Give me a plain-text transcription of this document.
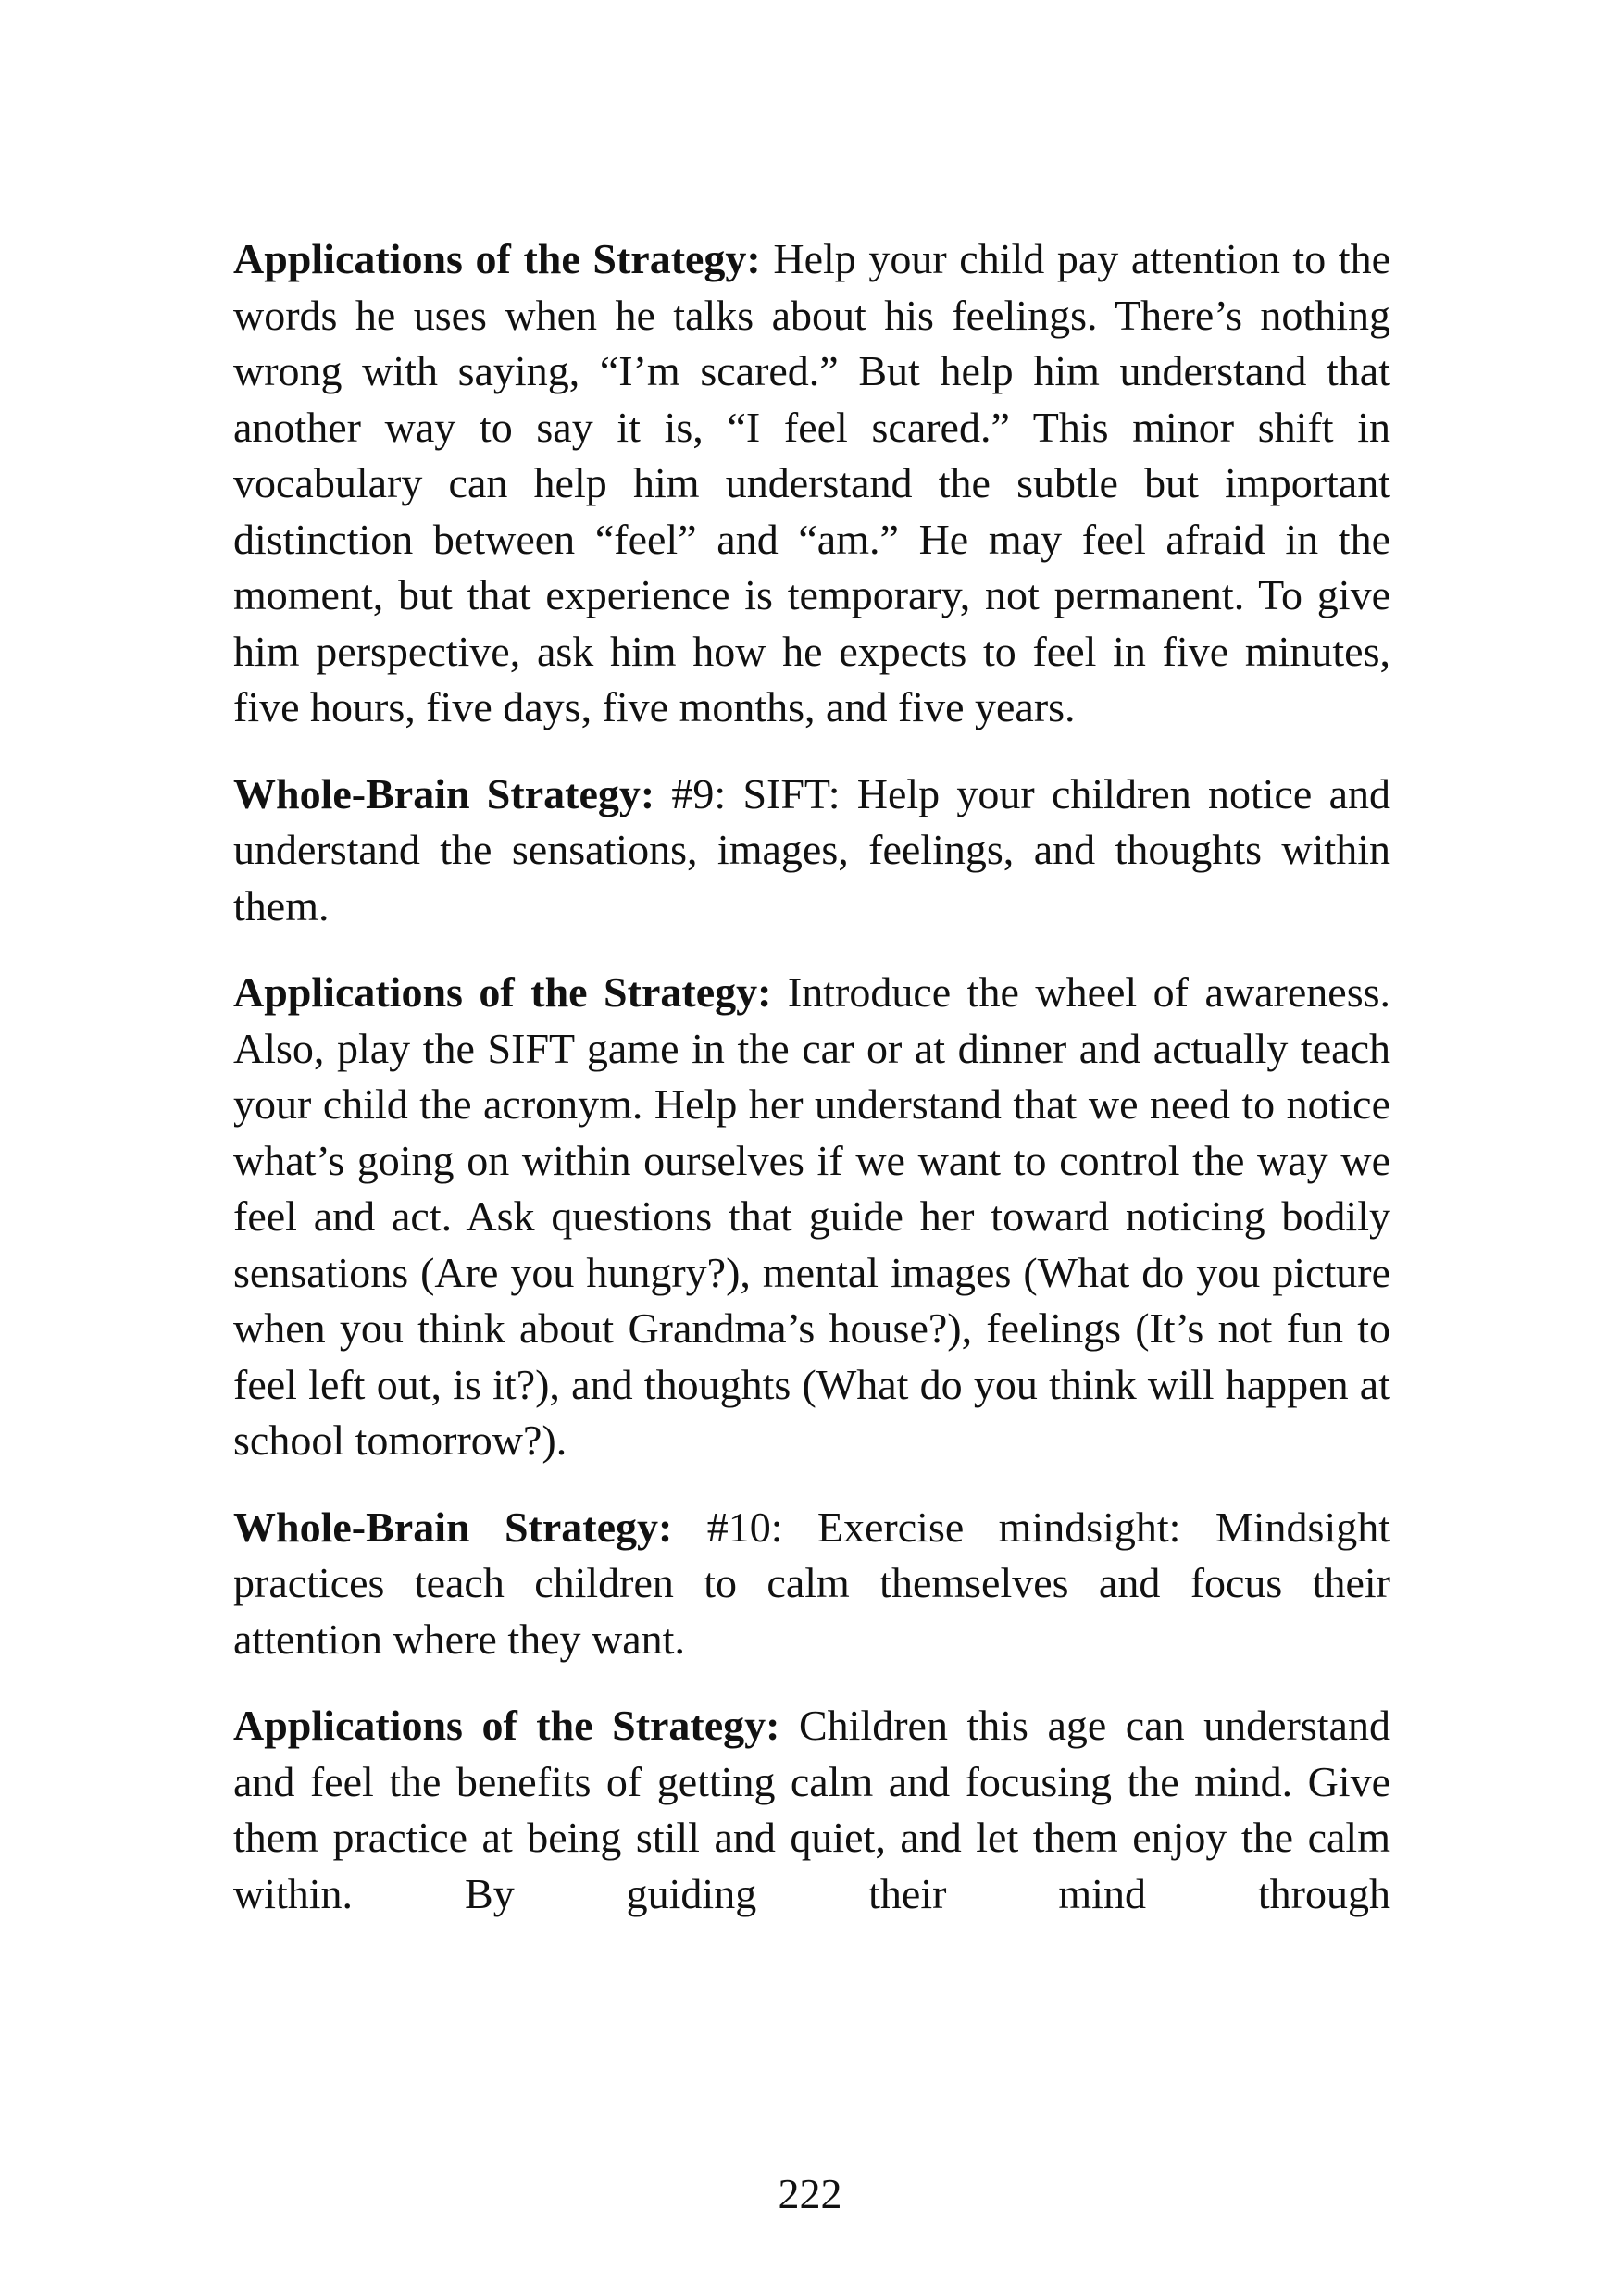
Applications of the Strategy: Help your child pay attention to the words he uses when he talks about his feelings. There’s nothing wrong with saying, “I’m scared.” But help him understand that another way to say it is, “I feel scared.” This minor shift in vocabulary can help him understand the subtle but important distinction between “feel” and “am.” He may feel afraid in the moment, but that experience is temporary, not permanent. To give him perspective, ask him how he expects to feel in five minutes, five hours, five days, five months, and five years.

Whole-Brain Strategy: #9: SIFT: Help your children notice and understand the sensations, images, feelings, and thoughts within them.

Applications of the Strategy: Introduce the wheel of awareness. Also, play the SIFT game in the car or at dinner and actually teach your child the acronym. Help her understand that we need to notice what’s going on within ourselves if we want to control the way we feel and act. Ask questions that guide her toward noticing bodily sensations (Are you hungry?), mental images (What do you picture when you think about Grandma’s house?), feelings (It’s not fun to feel left out, is it?), and thoughts (What do you think will happen at school tomorrow?).

Whole-Brain Strategy: #10: Exercise mindsight: Mindsight practices teach children to calm themselves and focus their attention where they want.

Applications of the Strategy: Children this age can understand and feel the benefits of getting calm and focusing the mind. Give them practice at being still and quiet, and let them enjoy the calm within. By guiding their mind through

222
